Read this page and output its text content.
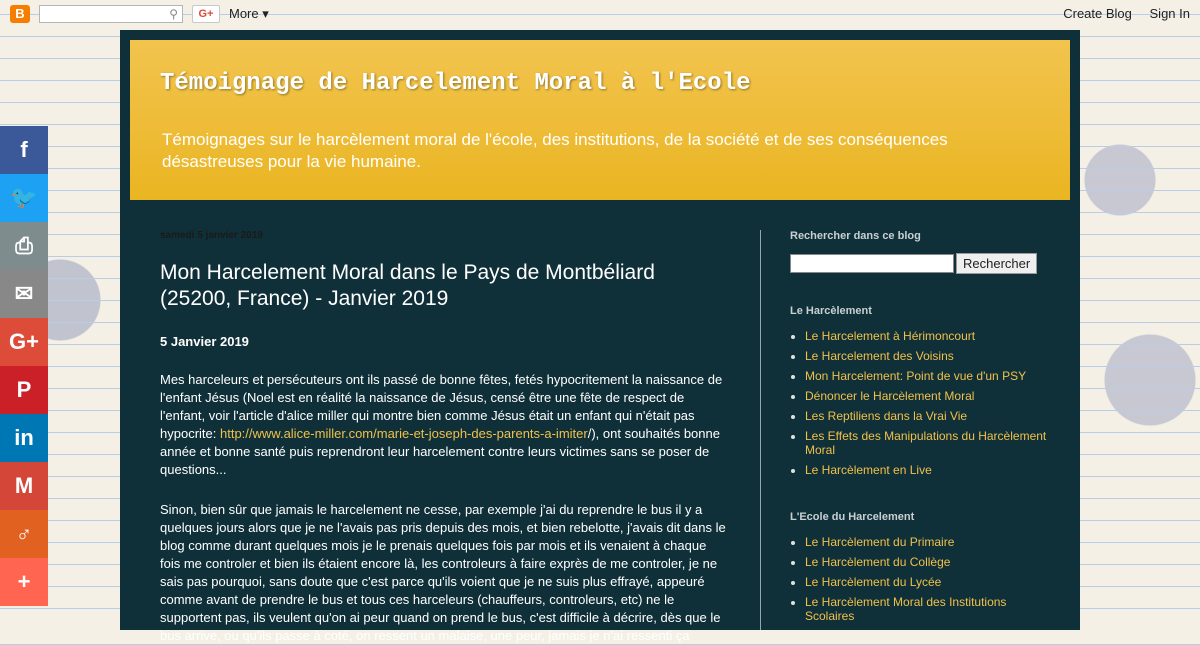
B	⚲	G+	More ▾	Create Blog Sign In
f
🐦
⎙
✉
G+
P
in
M
♂
+
Témoignage de Harcelement Moral à l'Ecole
Témoignages sur le harcèlement moral de l'école, des institutions, de la société et de ses conséquences désastreuses pour la vie humaine.
samedi 5 janvier 2019
Mon Harcelement Moral dans le Pays de Montbéliard (25200, France) - Janvier 2019
5 Janvier 2019

Mes harceleurs et persécuteurs ont ils passé de bonne fêtes, fetés hypocritement la naissance de l'enfant Jésus (Noel est en réalité la naissance de Jésus, censé être une fête de respect de l'enfant, voir l'article d'alice miller qui montre bien comme Jésus était un enfant qui n'était pas hypocrite: http://www.alice-miller.com/marie-et-joseph-des-parents-a-imiter/), ont souhaités bonne année et bonne santé puis reprendront leur harcelement contre leurs victimes sans se poser de questions...

Sinon, bien sûr que jamais le harcelement ne cesse, par exemple j'ai du reprendre le bus il y a quelques jours alors que je ne l'avais pas pris depuis des mois, et bien rebelotte, j'avais dit dans le blog comme durant quelques mois je le prenais quelques fois par mois et ils venaient à chaque fois me controler et bien ils étaient encore là, les controleurs à faire exprès de me controler, je ne sais pas pourquoi, sans doute que c'est parce qu'ils voient que je ne suis plus effrayé, appeuré comme avant de prendre le bus et tous ces harceleurs (chauffeurs, controleurs, etc) ne le supportent pas, ils veulent qu'on ai peur quand on prend le bus, c'est difficile à décrire, dès que le bus arrive, ou qu'ils passe à coté, on ressent un malaise, une peur, jamais je n'ai ressenti ça

Rechercher dans ce blog
Rechercher
Le Harcèlement
• Le Harcelement à Hérimoncourt
• Le Harcelement des Voisins
• Mon Harcelement: Point de vue d'un PSY
• Dénoncer le Harcèlement Moral
• Les Reptiliens dans la Vrai Vie
• Les Effets des Manipulations du Harcèlement Moral
• Le Harcèlement en Live
L'Ecole du Harcelement
• Le Harcèlement du Primaire
• Le Harcèlement du Collège
• Le Harcèlement du Lycée
• Le Harcèlement Moral des Institutions Scolaires
